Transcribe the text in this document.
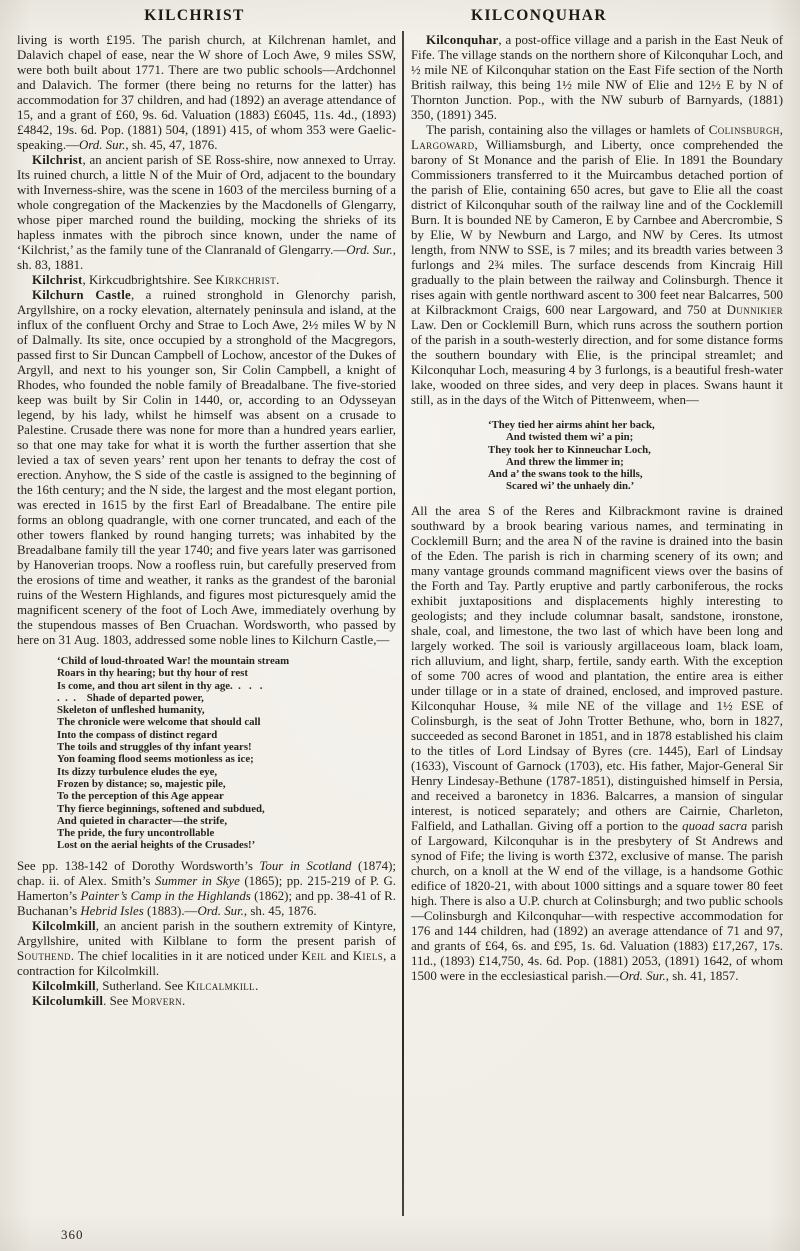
KILCHRIST

living is worth £195. The parish church, at Kilchrenan hamlet, and Dalavich chapel of ease, near the W shore of Loch Awe, 9 miles SSW, were both built about 1771. There are two public schools—Ardchonnel and Dalavich. The former (there being no returns for the latter) has accommodation for 37 children, and had (1892) an average attendance of 15, and a grant of £60, 9s. 6d. Valuation (1883) £6045, 11s. 4d., (1893) £4842, 19s. 6d. Pop. (1881) 504, (1891) 415, of whom 353 were Gaelic-speaking.—Ord. Sur., sh. 45, 47, 1876.

Kilchrist, an ancient parish of SE Ross-shire, now annexed to Urray. Its ruined church, a little N of the Muir of Ord, adjacent to the boundary with Inverness-shire, was the scene in 1603 of the merciless burning of a whole congregation of the Mackenzies by the Macdonells of Glengarry, whose piper marched round the building, mocking the shrieks of its hapless inmates with the pibroch since known, under the name of ‘Kilchrist,’ as the family tune of the Clanranald of Glengarry.—Ord. Sur., sh. 83, 1881.

Kilchrist, Kirkcudbrightshire. See Kirkchrist.

Kilchurn Castle, a ruined stronghold in Glenorchy parish, Argyllshire, on a rocky elevation, alternately peninsula and island, at the influx of the confluent Orchy and Strae to Loch Awe, 2½ miles W by N of Dalmally. Its site, once occupied by a stronghold of the Macgregors, passed first to Sir Duncan Campbell of Lochow, ancestor of the Dukes of Argyll, and next to his younger son, Sir Colin Campbell, a knight of Rhodes, who founded the noble family of Breadalbane. The five-storied keep was built by Sir Colin in 1440, or, according to an Odysseyan legend, by his lady, whilst he himself was absent on a crusade to Palestine. Crusade there was none for more than a hundred years earlier, so that one may take for what it is worth the further assertion that she levied a tax of seven years’ rent upon her tenants to defray the cost of erection. Anyhow, the S side of the castle is assigned to the beginning of the 16th century; and the N side, the largest and the most elegant portion, was erected in 1615 by the first Earl of Breadalbane. The entire pile forms an oblong quadrangle, with one corner truncated, and each of the other towers flanked by round hanging turrets; was inhabited by the Breadalbane family till the year 1740; and five years later was garrisoned by Hanoverian troops. Now a roofless ruin, but carefully preserved from the erosions of time and weather, it ranks as the grandest of the baronial ruins of the Western Highlands, and figures most picturesquely amid the magnificent scenery of the foot of Loch Awe, immediately overhung by the stupendous masses of Ben Cruachan. Wordsworth, who passed by here on 31 Aug. 1803, addressed some noble lines to Kilchurn Castle,—

‘Child of loud-throated War! the mountain stream
Roars in thy hearing; but thy hour of rest
Is come, and thou art silent in thy age.  .   .   .
.  .  .    Shade of departed power,
Skeleton of unfleshed humanity,
The chronicle were welcome that should call
Into the compass of distinct regard
The toils and struggles of thy infant years!
Yon foaming flood seems motionless as ice;
Its dizzy turbulence eludes the eye,
Frozen by distance; so, majestic pile,
To the perception of this Age appear
Thy fierce beginnings, softened and subdued,
And quieted in character—the strife,
The pride, the fury uncontrollable
Lost on the aerial heights of the Crusades!’

See pp. 138-142 of Dorothy Wordsworth’s Tour in Scotland (1874); chap. ii. of Alex. Smith’s Summer in Skye (1865); pp. 215-219 of P. G. Hamerton’s Painter’s Camp in the Highlands (1862); and pp. 38-41 of R. Buchanan’s Hebrid Isles (1883).—Ord. Sur., sh. 45, 1876.

Kilcolmkill, an ancient parish in the southern extremity of Kintyre, Argyllshire, united with Kilblane to form the present parish of Southend. The chief localities in it are noticed under Keil and Kiels, a contraction for Kilcolmkill.

Kilcolmkill, Sutherland. See Kilcalmkill.

Kilcolumkill. See Morvern.

KILCONQUHAR

Kilconquhar, a post-office village and a parish in the East Neuk of Fife. The village stands on the northern shore of Kilconquhar Loch, and ½ mile NE of Kilconquhar station on the East Fife section of the North British railway, this being 1½ mile NW of Elie and 12½ E by N of Thornton Junction. Pop., with the NW suburb of Barnyards, (1881) 350, (1891) 345.

The parish, containing also the villages or hamlets of Colinsburgh, Largoward, Williamsburgh, and Liberty, once comprehended the barony of St Monance and the parish of Elie. In 1891 the Boundary Commissioners transferred to it the Muircambus detached portion of the parish of Elie, containing 650 acres, but gave to Elie all the coast district of Kilconquhar south of the railway line and of the Cocklemill Burn. It is bounded NE by Cameron, E by Carnbee and Abercrombie, S by Elie, W by Newburn and Largo, and NW by Ceres. Its utmost length, from NNW to SSE, is 7 miles; and its breadth varies between 3 furlongs and 2¾ miles. The surface descends from Kincraig Hill gradually to the plain between the railway and Colinsburgh. Thence it rises again with gentle northward ascent to 300 feet near Balcarres, 500 at Kilbrackmont Craigs, 600 near Largoward, and 750 at Dunnikier Law. Den or Cocklemill Burn, which runs across the southern portion of the parish in a south-westerly direction, and for some distance forms the southern boundary with Elie, is the principal streamlet; and Kilconquhar Loch, measuring 4 by 3 furlongs, is a beautiful fresh-water lake, wooded on three sides, and very deep in places. Swans haunt it still, as in the days of the Witch of Pittenweem, when—

‘They tied her airms ahint her back,
And twisted them wi’ a pin;
They took her to Kinneuchar Loch,
And threw the limmer in;
And a’ the swans took to the hills,
Scared wi’ the unhaely din.’

All the area S of the Reres and Kilbrackmont ravine is drained southward by a brook bearing various names, and terminating in Cocklemill Burn; and the area N of the ravine is drained into the basin of the Eden. The parish is rich in charming scenery of its own; and many vantage grounds command magnificent views over the basins of the Forth and Tay. Partly eruptive and partly carboniferous, the rocks exhibit juxtapositions and displacements highly interesting to geologists; and they include columnar basalt, sandstone, ironstone, shale, coal, and limestone, the two last of which have been long and largely worked. The soil is variously argillaceous loam, black loam, rich alluvium, and light, sharp, fertile, sandy earth. With the exception of some 700 acres of wood and plantation, the entire area is either under tillage or in a state of drained, enclosed, and improved pasture. Kilconquhar House, ¾ mile NE of the village and 1½ ESE of Colinsburgh, is the seat of John Trotter Bethune, who, born in 1827, succeeded as second Baronet in 1851, and in 1878 established his claim to the titles of Lord Lindsay of Byres (cre. 1445), Earl of Lindsay (1633), Viscount of Garnock (1703), etc. His father, Major-General Sir Henry Lindesay-Bethune (1787-1851), distinguished himself in Persia, and received a baronetcy in 1836. Balcarres, a mansion of singular interest, is noticed separately; and others are Cairnie, Charleton, Falfield, and Lathallan. Giving off a portion to the quoad sacra parish of Largoward, Kilconquhar is in the presbytery of St Andrews and synod of Fife; the living is worth £372, exclusive of manse. The parish church, on a knoll at the W end of the village, is a handsome Gothic edifice of 1820-21, with about 1000 sittings and a square tower 80 feet high. There is also a U.P. church at Colinsburgh; and two public schools—Colinsburgh and Kilconquhar—with respective accommodation for 176 and 144 children, had (1892) an average attendance of 71 and 97, and grants of £64, 6s. and £95, 1s. 6d. Valuation (1883) £17,267, 17s. 11d., (1893) £14,750, 4s. 6d. Pop. (1881) 2053, (1891) 1642, of whom 1500 were in the ecclesiastical parish.—Ord. Sur., sh. 41, 1857.

360
